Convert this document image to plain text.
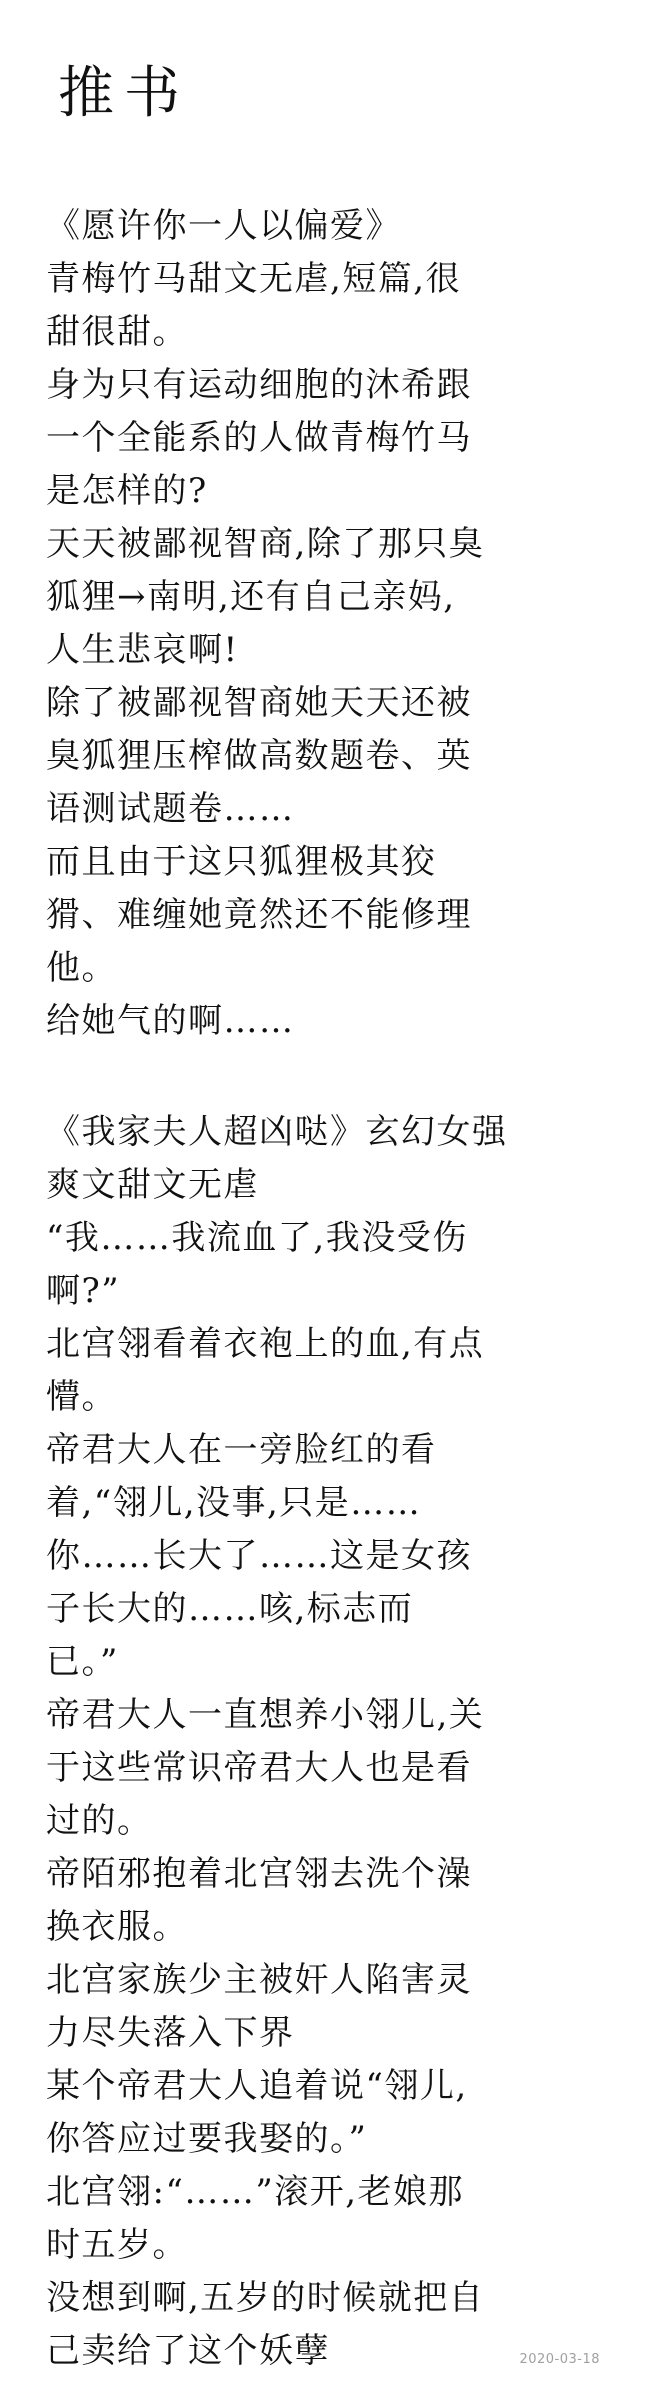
推书
《愿许你一人以偏爱》
青梅竹马甜文无虐,短篇,很
甜很甜。
身为只有运动细胞的沐希跟
一个全能系的人做青梅竹马
是怎样的?
天天被鄙视智商,除了那只臭
狐狸→南明,还有自己亲妈,
人生悲哀啊!
除了被鄙视智商她天天还被
臭狐狸压榨做高数题卷、英
语测试题卷……
而且由于这只狐狸极其狡
猾、难缠她竟然还不能修理
他。
给她气的啊……
《我家夫人超凶哒》玄幻女强
爽文甜文无虐
“我……我流血了,我没受伤
啊?”
北宫翎看着衣袍上的血,有点
懵。
帝君大人在一旁脸红的看
着,“翎儿,没事,只是……
你……长大了……这是女孩
子长大的……咳,标志而
已。”
帝君大人一直想养小翎儿,关
于这些常识帝君大人也是看
过的。
帝陌邪抱着北宫翎去洗个澡
换衣服。
北宫家族少主被奸人陷害灵
力尽失落入下界
某个帝君大人追着说“翎儿,
你答应过要我娶的。”
北宫翎:“……”滚开,老娘那
时五岁。
没想到啊,五岁的时候就把自
己卖给了这个妖孽	2020-03-18
